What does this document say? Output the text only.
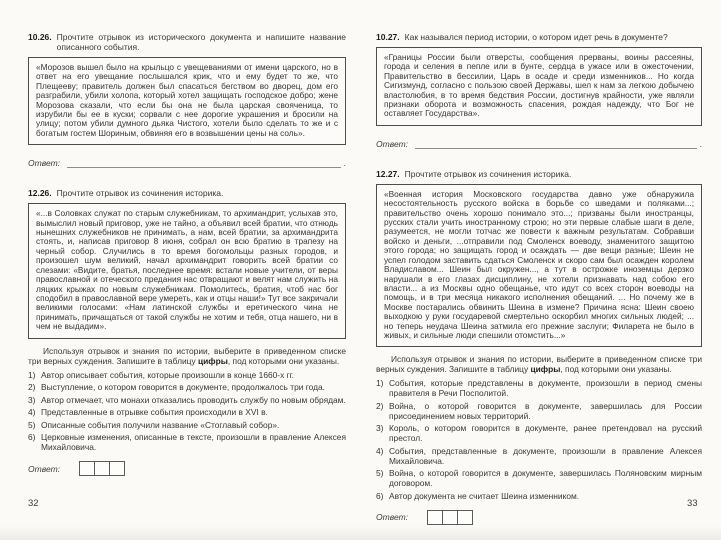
10.26. Прочтите отрывок из исторического документа и напишите название описанного события.

«Морозов вышел было на крыльцо с увещеваниями от имени царского, но в ответ на его увещание послышался крик, что и ему будет то же, что Плещееву; правитель должен был спасаться бегством во дворец, дом его разграбили, убили холопа, который хотел защищать господское добро; жене Морозова сказали, что если бы она не была царская свояченица, то изрубили бы ее в куски; сорвали с нее дорогие украшения и бросили на улицу; потом убили думного дьяка Чистого, хотели было сделать то же и с богатым гостем Шориным, обвиняя его в возвышении цены на соль».

Ответ:	.
12.26. Прочтите отрывок из сочинения историка.

«...в Соловках служат по старым служебникам, то архимандрит, услыхав это, вымыслил новый приговор, уже не тайно, а объявил всей братии, что отнюдь нынешних служебников не принимать, а нам, всей братии, за архимандрита стоять, и, написав приговор 8 июня, собрал он всю братию в трапезу на черный собор. Случились в то время богомольцы разных городов, и произошел шум великий, начал архимандрит говорить всей братии со слезами: «Видите, братья, последнее время: встали новые учители, от веры православной и отеческого предания нас отвращают и велят нам служить на ляцких крыжах по новым служебникам. Помолитесь, братия, чтоб нас бог сподобил в православной вере умереть, как и отцы наши!» Тут все закричали великими голосами: «Нам латинской службы и еретического чина не принимать, причащаться от такой службы не хотим и тебя, отца нашего, ни в чем не выдадим».

Используя отрывок и знания по истории, выберите в приведенном списке три верных суждения. Запишите в таблицу цифры, под которыми они указаны.

1) Автор описывает события, которые произошли в конце 1660-х гг.
2) Выступление, о котором говорится в документе, продолжалось три года.
3) Автор отмечает, что монахи отказались проводить службу по новым обрядам.
4) Представленные в отрывке события происходили в XVI в.
5) Описанные события получили название «Стоглавый собор».
6) Церковные изменения, описанные в тексте, произошли в правление Алексея Михайловича.
Ответ:
10.27. Как назывался период истории, о котором идет речь в документе?

«Границы России были отверсты, сообщения прерваны, воины рассеяны, города и селения в пепле или в бунте, сердца в ужасе или в ожесточении, Правительство в бессилии, Царь в осаде и среди изменников... Но когда Сигизмунд, согласно с пользою своей Державы, шел к нам за легкою добычею властолюбия, в то время бедствия России, достигнув крайности, уже являли признаки оборота и возможность спасения, рождая надежду, что Бог не оставляет Государства».

Ответ:	.
12.27. Прочтите отрывок из сочинения историка.

«Военная история Московского государства давно уже обнаружила несостоятельность русского войска в борьбе со шведами и поляками...; правительство очень хорошо понимало это...; призваны были иностранцы, русских стали учить иностранному строю; но эти первые слабые шаги в деле, разумеется, не могли тотчас же повести к важным результатам. Собравши войско и деньги, ...отправили под Смоленск воеводу, знаменитого защитою этого города; но защищать город и осаждать — две вещи разные; Шеин не успел голодом заставить сдаться Смоленск и скоро сам был осажден королем Владиславом... Шеин был окружен..., а тут в острожке иноземцы дерзко нарушали в его глазах дисциплину, не хотели признавать над собою его власти... а из Москвы одно обещанье, что идут со всех сторон воеводы на помощь, и в три месяца никакого исполнения обещаний. ... Но почему же в Москве постарались обвинить Шеина в измене? Причина ясна: Шеин своею выходкою у руки государевой смертельно оскорбил многих сильных людей; ... но теперь неудача Шеина затмила его прежние заслуги; Филарета не было в живых, и сильные люди спешили отомстить...»

Используя отрывок и знания по истории, выберите в приведенном списке три верных суждения. Запишите в таблицу цифры, под которыми они указаны.

1) События, которые представлены в документе, произошли в период смены правителя в Речи Посполитой.
2) Война, о которой говорится в документе, завершилась для России присоединением новых территорий.
3) Король, о котором говорится в документе, ранее претендовал на русский престол.
4) События, представленные в документе, произошли в правление Алексея Михайловича.
5) Война, о которой говорится в документе, завершилась Поляновским мирным договором.
6) Автор документа не считает Шеина изменником.
Ответ:
32	33
